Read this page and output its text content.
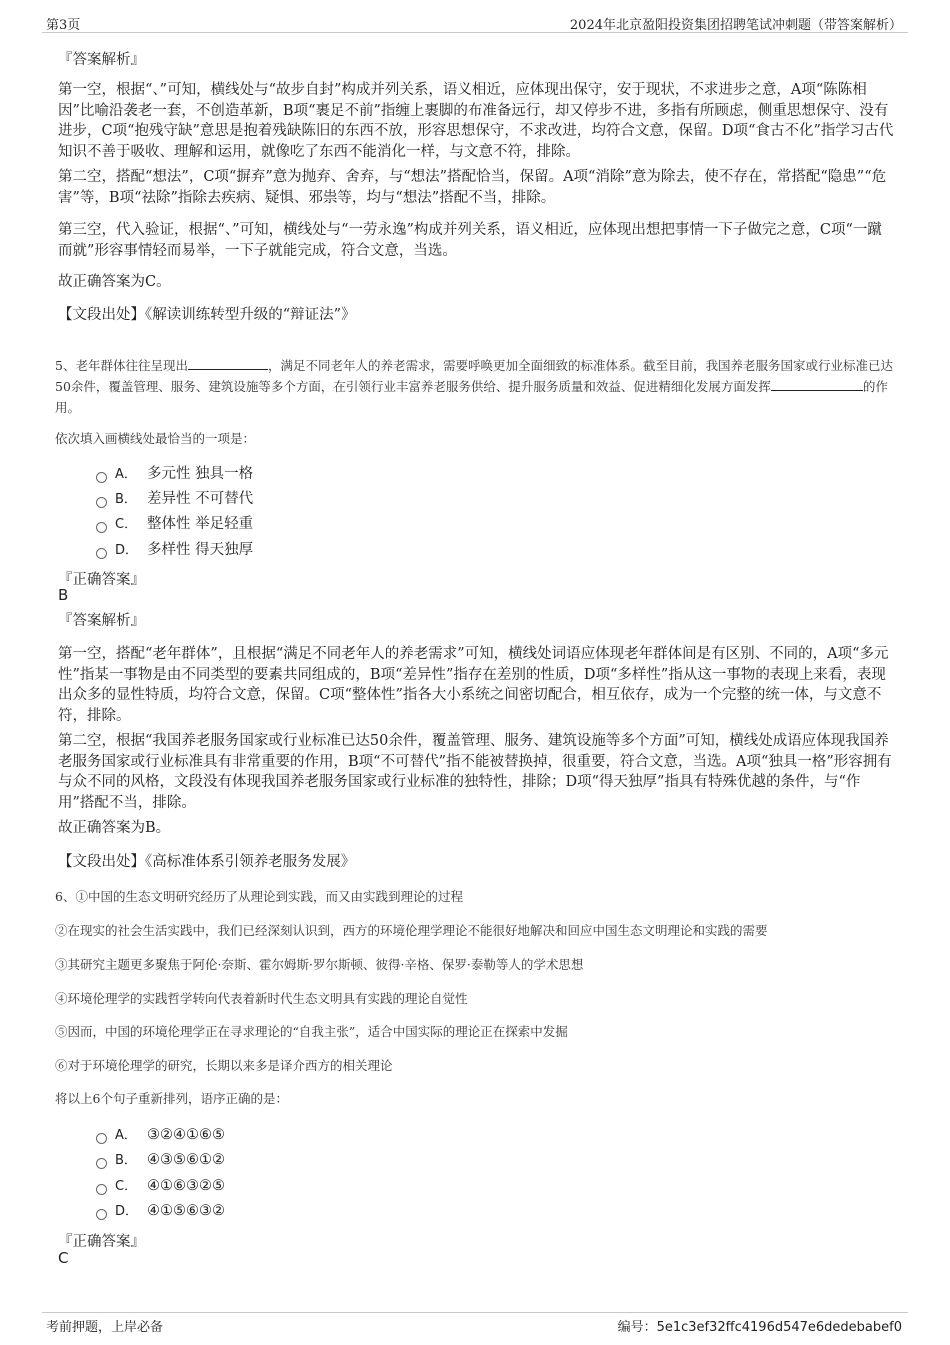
第3页	2024年北京盈阳投资集团招聘笔试冲刺题（带答案解析）
『答案解析』

第一空，根据“、”可知，横线处与“故步自封”构成并列关系，语义相近，应体现出保守，安于现状，不求进步之意，A项“陈陈相因”比喻沿袭老一套，不创造革新，B项“裹足不前”指缠上裹脚的布准备远行，却又停步不进，多指有所顾虑，侧重思想保守、没有进步，C项“抱残守缺”意思是抱着残缺陈旧的东西不放，形容思想保守，不求改进，均符合文意，保留。D项“食古不化”指学习古代知识不善于吸收、理解和运用，就像吃了东西不能消化一样，与文意不符，排除。

第二空，搭配“想法”，C项“摒弃”意为抛弃、舍弃，与“想法”搭配恰当，保留。A项“消除”意为除去，使不存在，常搭配“隐患”“危害”等，B项“祛除”指除去疾病、疑惧、邪祟等，均与“想法”搭配不当，排除。

第三空，代入验证，根据“、”可知，横线处与“一劳永逸”构成并列关系，语义相近，应体现出想把事情一下子做完之意，C项“一蹴而就”形容事情轻而易举，一下子就能完成，符合文意，当选。

故正确答案为C。

【文段出处】《解读训练转型升级的“辩证法”》

5、老年群体往往呈现出	，满足不同老年人的养老需求，需要呼唤更加全面细致的标准体系。截至目前，我国养老服务国家或行业标准已达50余件，覆盖管理、服务、建筑设施等多个方面，在引领行业丰富养老服务供给、提升服务质量和效益、促进精细化发展方面发挥	的作用。

依次填入画横线处最恰当的一项是：

A． 多元性 独具一格
B． 差异性 不可替代
C． 整体性 举足轻重
D． 多样性 得天独厚
『正确答案』
B
『答案解析』

第一空，搭配“老年群体”，且根据“满足不同老年人的养老需求”可知，横线处词语应体现老年群体间是有区别、不同的，A项“多元性”指某一事物是由不同类型的要素共同组成的，B项“差异性”指存在差别的性质，D项“多样性”指从这一事物的表现上来看，表现出众多的显性特质，均符合文意，保留。C项“整体性”指各大小系统之间密切配合，相互依存，成为一个完整的统一体，与文意不符，排除。

第二空，根据“我国养老服务国家或行业标准已达50余件，覆盖管理、服务、建筑设施等多个方面”可知，横线处成语应体现我国养老服务国家或行业标准具有非常重要的作用，B项“不可替代”指不能被替换掉，很重要，符合文意，当选。A项“独具一格”形容拥有与众不同的风格，文段没有体现我国养老服务国家或行业标准的独特性，排除；D项“得天独厚”指具有特殊优越的条件，与“作用”搭配不当，排除。

故正确答案为B。

【文段出处】《高标准体系引领养老服务发展》

6、①中国的生态文明研究经历了从理论到实践，而又由实践到理论的过程

②在现实的社会生活实践中，我们已经深刻认识到，西方的环境伦理学理论不能很好地解决和回应中国生态文明理论和实践的需要

③其研究主题更多聚焦于阿伦·奈斯、霍尔姆斯·罗尔斯顿、彼得·辛格、保罗·泰勒等人的学术思想

④环境伦理学的实践哲学转向代表着新时代生态文明具有实践的理论自觉性

⑤因而，中国的环境伦理学正在寻求理论的“自我主张”，适合中国实际的理论正在探索中发掘

⑥对于环境伦理学的研究，长期以来多是译介西方的相关理论

将以上6个句子重新排列，语序正确的是：

A． ③②④①⑥⑤
B． ④③⑤⑥①②
C． ④①⑥③②⑤
D． ④①⑤⑥③②
『正确答案』
C
考前押题，上岸必备	编号：5e1c3ef32ffc4196d547e6dedebabef0
